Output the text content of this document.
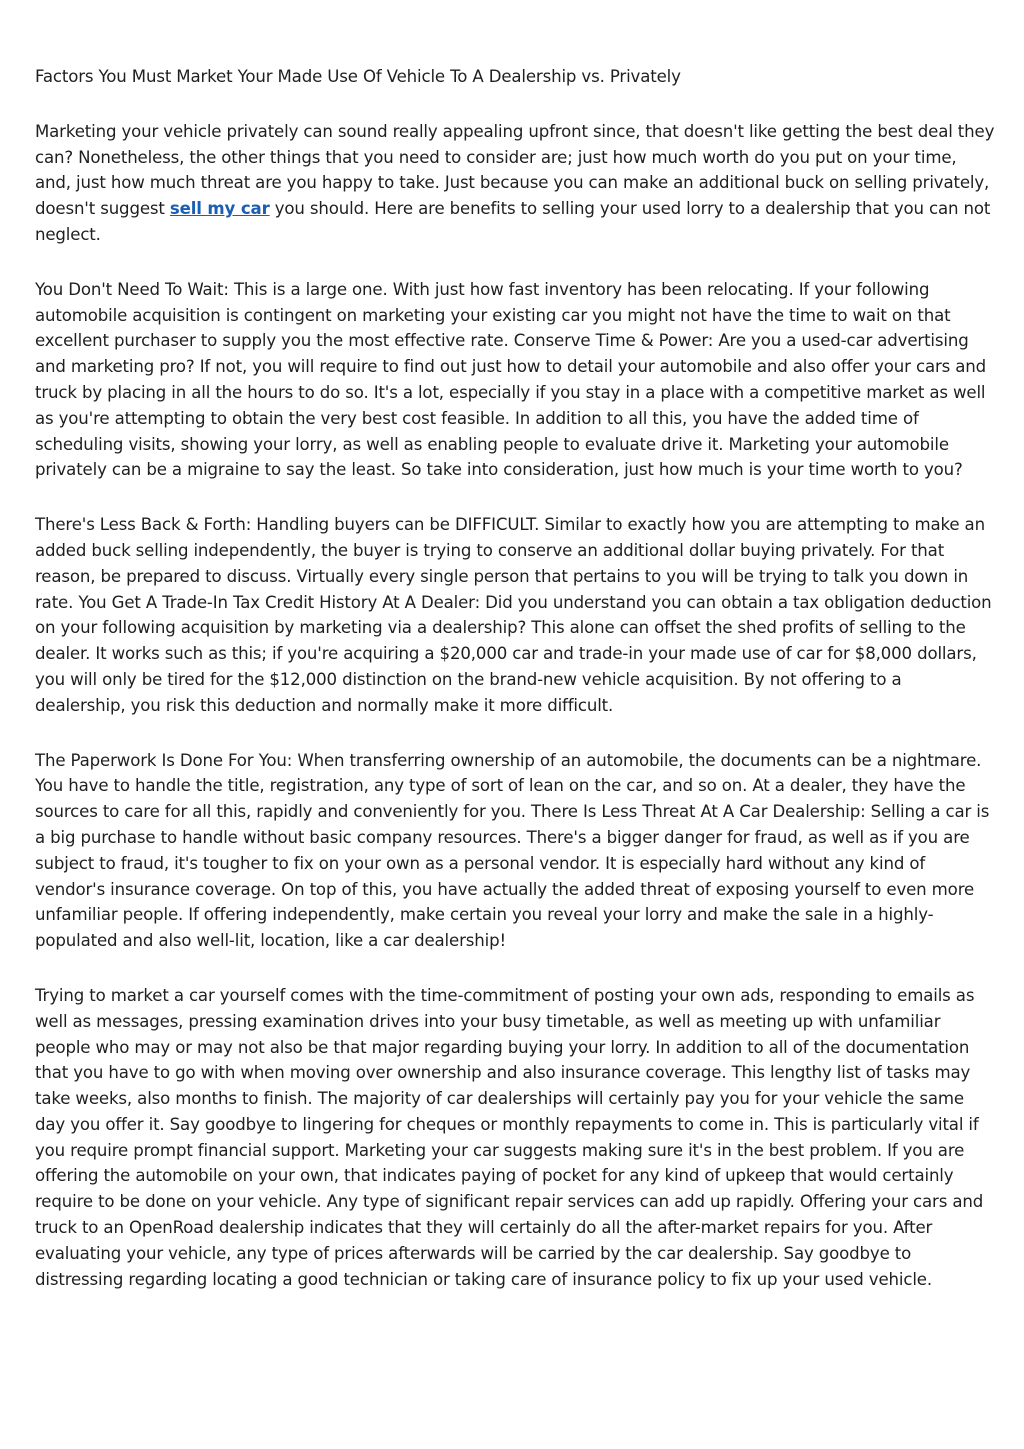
Factors You Must Market Your Made Use Of Vehicle To A Dealership vs. Privately

Marketing your vehicle privately can sound really appealing upfront since, that doesn't like getting the best deal they can? Nonetheless, the other things that you need to consider are; just how much worth do you put on your time, and, just how much threat are you happy to take. Just because you can make an additional buck on selling privately, doesn't suggest sell my car you should. Here are benefits to selling your used lorry to a dealership that you can not neglect.

You Don't Need To Wait: This is a large one. With just how fast inventory has been relocating. If your following automobile acquisition is contingent on marketing your existing car you might not have the time to wait on that excellent purchaser to supply you the most effective rate. Conserve Time & Power: Are you a used-car advertising and marketing pro? If not, you will require to find out just how to detail your automobile and also offer your cars and truck by placing in all the hours to do so. It's a lot, especially if you stay in a place with a competitive market as well as you're attempting to obtain the very best cost feasible. In addition to all this, you have the added time of scheduling visits, showing your lorry, as well as enabling people to evaluate drive it. Marketing your automobile privately can be a migraine to say the least. So take into consideration, just how much is your time worth to you?

There's Less Back & Forth: Handling buyers can be DIFFICULT. Similar to exactly how you are attempting to make an added buck selling independently, the buyer is trying to conserve an additional dollar buying privately. For that reason, be prepared to discuss. Virtually every single person that pertains to you will be trying to talk you down in rate. You Get A Trade-In Tax Credit History At A Dealer: Did you understand you can obtain a tax obligation deduction on your following acquisition by marketing via a dealership? This alone can offset the shed profits of selling to the dealer. It works such as this; if you're acquiring a $20,000 car and trade-in your made use of car for $8,000 dollars, you will only be tired for the $12,000 distinction on the brand-new vehicle acquisition. By not offering to a dealership, you risk this deduction and normally make it more difficult.

The Paperwork Is Done For You: When transferring ownership of an automobile, the documents can be a nightmare. You have to handle the title, registration, any type of sort of lean on the car, and so on. At a dealer, they have the sources to care for all this, rapidly and conveniently for you. There Is Less Threat At A Car Dealership: Selling a car is a big purchase to handle without basic company resources. There's a bigger danger for fraud, as well as if you are subject to fraud, it's tougher to fix on your own as a personal vendor. It is especially hard without any kind of vendor's insurance coverage. On top of this, you have actually the added threat of exposing yourself to even more unfamiliar people. If offering independently, make certain you reveal your lorry and make the sale in a highly-populated and also well-lit, location, like a car dealership!

Trying to market a car yourself comes with the time-commitment of posting your own ads, responding to emails as well as messages, pressing examination drives into your busy timetable, as well as meeting up with unfamiliar people who may or may not also be that major regarding buying your lorry. In addition to all of the documentation that you have to go with when moving over ownership and also insurance coverage. This lengthy list of tasks may take weeks, also months to finish. The majority of car dealerships will certainly pay you for your vehicle the same day you offer it. Say goodbye to lingering for cheques or monthly repayments to come in. This is particularly vital if you require prompt financial support. Marketing your car suggests making sure it's in the best problem. If you are offering the automobile on your own, that indicates paying of pocket for any kind of upkeep that would certainly require to be done on your vehicle. Any type of significant repair services can add up rapidly. Offering your cars and truck to an OpenRoad dealership indicates that they will certainly do all the after-market repairs for you. After evaluating your vehicle, any type of prices afterwards will be carried by the car dealership. Say goodbye to distressing regarding locating a good technician or taking care of insurance policy to fix up your used vehicle.
